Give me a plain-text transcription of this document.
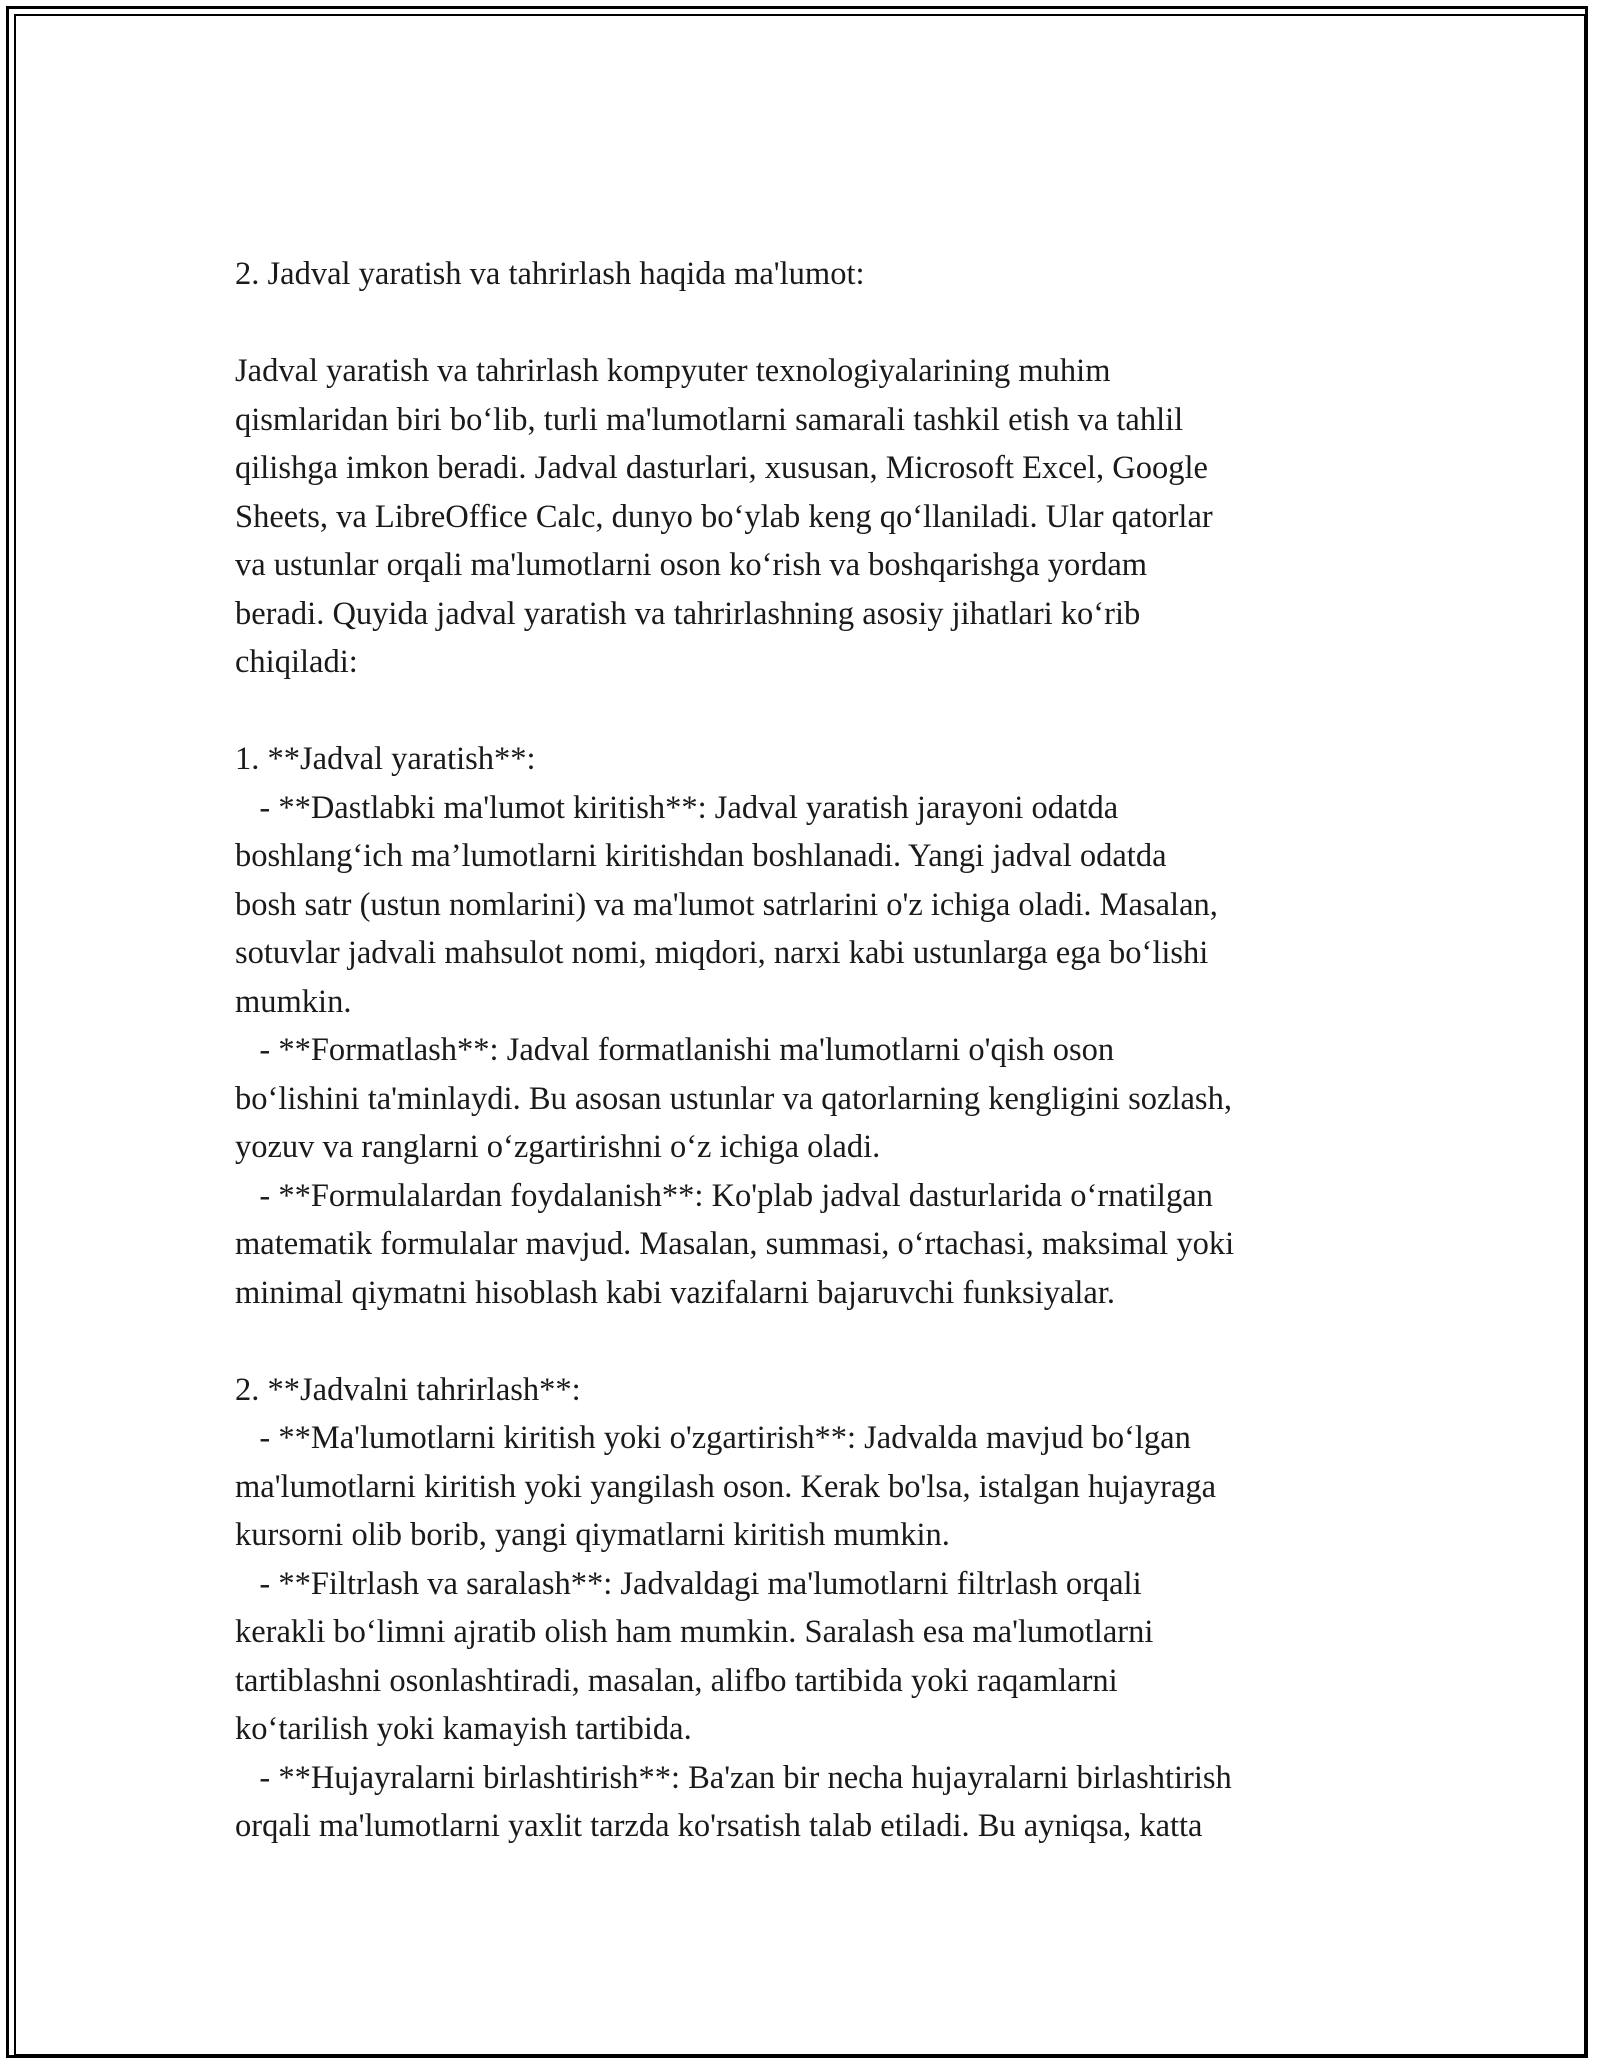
2. Jadval yaratish va tahrirlash haqida ma'lumot:
Jadval yaratish va tahrirlash kompyuter texnologiyalarining muhim
qismlaridan biri bo‘lib, turli ma'lumotlarni samarali tashkil etish va tahlil
qilishga imkon beradi. Jadval dasturlari, xususan, Microsoft Excel, Google
Sheets, va LibreOffice Calc, dunyo bo‘ylab keng qo‘llaniladi. Ular qatorlar
va ustunlar orqali ma'lumotlarni oson ko‘rish va boshqarishga yordam
beradi. Quyida jadval yaratish va tahrirlashning asosiy jihatlari ko‘rib
chiqiladi:
1. **Jadval yaratish**:
- **Dastlabki ma'lumot kiritish**: Jadval yaratish jarayoni odatda
boshlang‘ich ma’lumotlarni kiritishdan boshlanadi. Yangi jadval odatda
bosh satr (ustun nomlarini) va ma'lumot satrlarini o'z ichiga oladi. Masalan,
sotuvlar jadvali mahsulot nomi, miqdori, narxi kabi ustunlarga ega bo‘lishi
mumkin.
- **Formatlash**: Jadval formatlanishi ma'lumotlarni o'qish oson
bo‘lishini ta'minlaydi. Bu asosan ustunlar va qatorlarning kengligini sozlash,
yozuv va ranglarni o‘zgartirishni o‘z ichiga oladi.
- **Formulalardan foydalanish**: Ko'plab jadval dasturlarida o‘rnatilgan
matematik formulalar mavjud. Masalan, summasi, o‘rtachasi, maksimal yoki
minimal qiymatni hisoblash kabi vazifalarni bajaruvchi funksiyalar.
2. **Jadvalni tahrirlash**:
- **Ma'lumotlarni kiritish yoki o'zgartirish**: Jadvalda mavjud bo‘lgan
ma'lumotlarni kiritish yoki yangilash oson. Kerak bo'lsa, istalgan hujayraga
kursorni olib borib, yangi qiymatlarni kiritish mumkin.
- **Filtrlash va saralash**: Jadvaldagi ma'lumotlarni filtrlash orqali
kerakli bo‘limni ajratib olish ham mumkin. Saralash esa ma'lumotlarni
tartiblashni osonlashtiradi, masalan, alifbo tartibida yoki raqamlarni
ko‘tarilish yoki kamayish tartibida.
- **Hujayralarni birlashtirish**: Ba'zan bir necha hujayralarni birlashtirish
orqali ma'lumotlarni yaxlit tarzda ko'rsatish talab etiladi. Bu ayniqsa, katta
